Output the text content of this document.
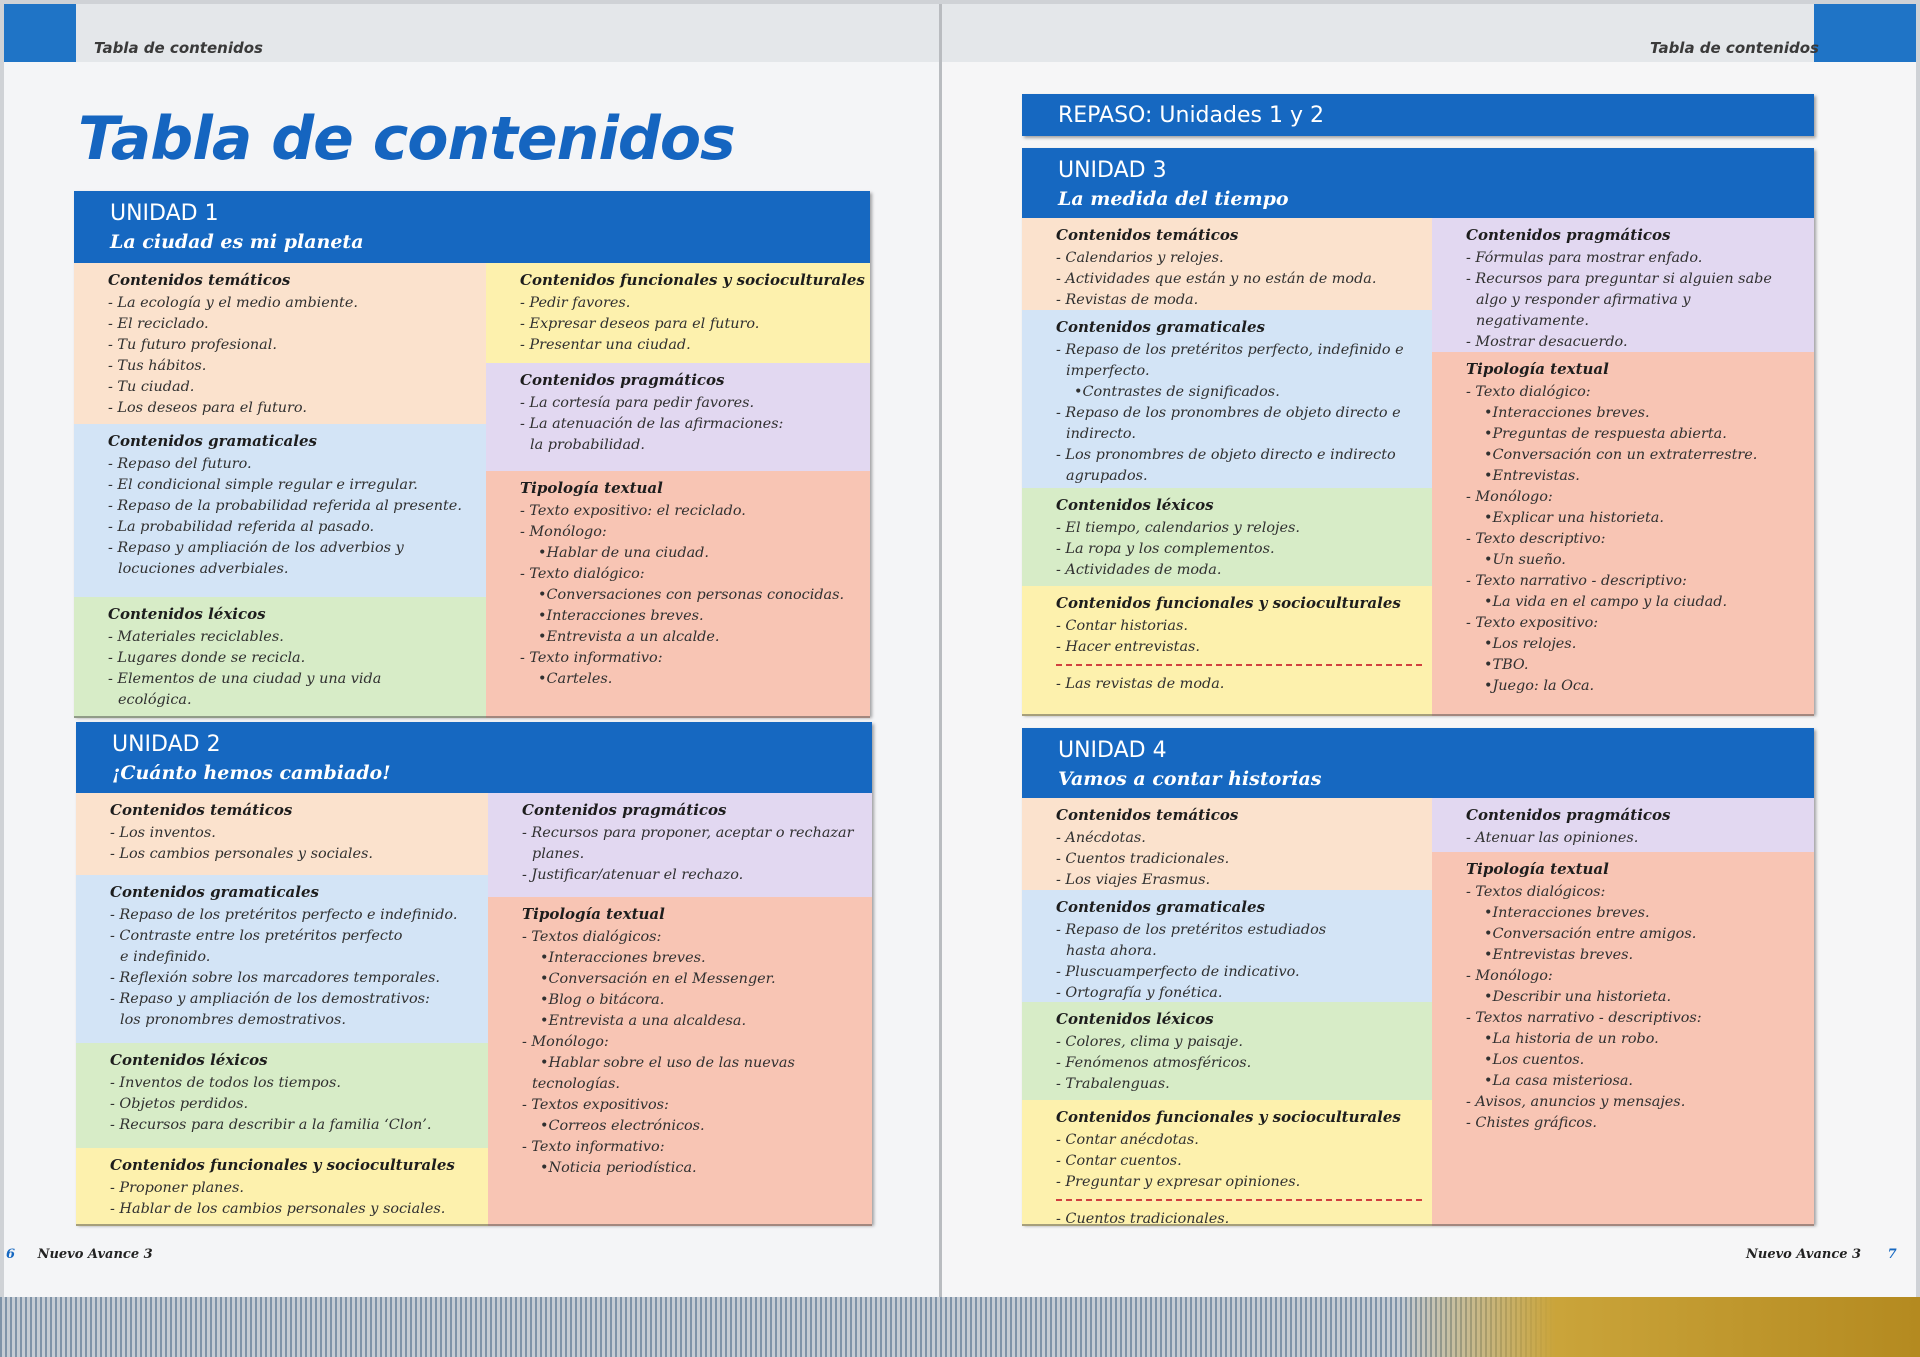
Tabla de contenidos
Tabla de contenidos
UNIDAD 1
La ciudad es mi planeta
Contenidos temáticos
- La ecología y el medio ambiente.
- El reciclado.
- Tu futuro profesional.
- Tus hábitos.
- Tu ciudad.
- Los deseos para el futuro.
Contenidos gramaticales
- Repaso del futuro.
- El condicional simple regular e irregular.
- Repaso de la probabilidad referida al presente.
- La probabilidad referida al pasado.
- Repaso y ampliación de los adverbios y
locuciones adverbiales.
Contenidos léxicos
- Materiales reciclables.
- Lugares donde se recicla.
- Elementos de una ciudad y una vida
ecológica.
Contenidos funcionales y socioculturales
- Pedir favores.
- Expresar deseos para el futuro.
- Presentar una ciudad.
Contenidos pragmáticos
- La cortesía para pedir favores.
- La atenuación de las afirmaciones:
la probabilidad.
Tipología textual
- Texto expositivo: el reciclado.
- Monólogo:
•Hablar de una ciudad.
- Texto dialógico:
•Conversaciones con personas conocidas.
•Interacciones breves.
•Entrevista a un alcalde.
- Texto informativo:
•Carteles.
UNIDAD 2
¡Cuánto hemos cambiado!
Contenidos temáticos
- Los inventos.
- Los cambios personales y sociales.
Contenidos gramaticales
- Repaso de los pretéritos perfecto e indefinido.
- Contraste entre los pretéritos perfecto
e indefinido.
- Reflexión sobre los marcadores temporales.
- Repaso y ampliación de los demostrativos:
los pronombres demostrativos.
Contenidos léxicos
- Inventos de todos los tiempos.
- Objetos perdidos.
- Recursos para describir a la familia ‘Clon’.
Contenidos funcionales y socioculturales
- Proponer planes.
- Hablar de los cambios personales y sociales.
Contenidos pragmáticos
- Recursos para proponer, aceptar o rechazar
planes.
- Justificar/atenuar el rechazo.
Tipología textual
- Textos dialógicos:
•Interacciones breves.
•Conversación en el Messenger.
•Blog o bitácora.
•Entrevista a una alcaldesa.
- Monólogo:
•Hablar sobre el uso de las nuevas
tecnologías.
- Textos expositivos:
•Correos electrónicos.
- Texto informativo:
•Noticia periodística.
6 Nuevo Avance 3
Tabla de contenidos
REPASO: Unidades 1 y 2
UNIDAD 3
La medida del tiempo
Contenidos temáticos
- Calendarios y relojes.
- Actividades que están y no están de moda.
- Revistas de moda.
Contenidos gramaticales
- Repaso de los pretéritos perfecto, indefinido e
imperfecto.
•Contrastes de significados.
- Repaso de los pronombres de objeto directo e
indirecto.
- Los pronombres de objeto directo e indirecto
agrupados.
Contenidos léxicos
- El tiempo, calendarios y relojes.
- La ropa y los complementos.
- Actividades de moda.
Contenidos funcionales y socioculturales
- Contar historias.
- Hacer entrevistas.
- Las revistas de moda.
Contenidos pragmáticos
- Fórmulas para mostrar enfado.
- Recursos para preguntar si alguien sabe
algo y responder afirmativa y
negativamente.
- Mostrar desacuerdo.
Tipología textual
- Texto dialógico:
•Interacciones breves.
•Preguntas de respuesta abierta.
•Conversación con un extraterrestre.
•Entrevistas.
- Monólogo:
•Explicar una historieta.
- Texto descriptivo:
•Un sueño.
- Texto narrativo - descriptivo:
•La vida en el campo y la ciudad.
- Texto expositivo:
•Los relojes.
•TBO.
•Juego: la Oca.
UNIDAD 4
Vamos a contar historias
Contenidos temáticos
- Anécdotas.
- Cuentos tradicionales.
- Los viajes Erasmus.
Contenidos gramaticales
- Repaso de los pretéritos estudiados
hasta ahora.
- Pluscuamperfecto de indicativo.
- Ortografía y fonética.
Contenidos léxicos
- Colores, clima y paisaje.
- Fenómenos atmosféricos.
- Trabalenguas.
Contenidos funcionales y socioculturales
- Contar anécdotas.
- Contar cuentos.
- Preguntar y expresar opiniones.
- Cuentos tradicionales.
Contenidos pragmáticos
- Atenuar las opiniones.
Tipología textual
- Textos dialógicos:
•Interacciones breves.
•Conversación entre amigos.
•Entrevistas breves.
- Monólogo:
•Describir una historieta.
- Textos narrativo - descriptivos:
•La historia de un robo.
•Los cuentos.
•La casa misteriosa.
- Avisos, anuncios y mensajes.
- Chistes gráficos.
Nuevo Avance 3 7
